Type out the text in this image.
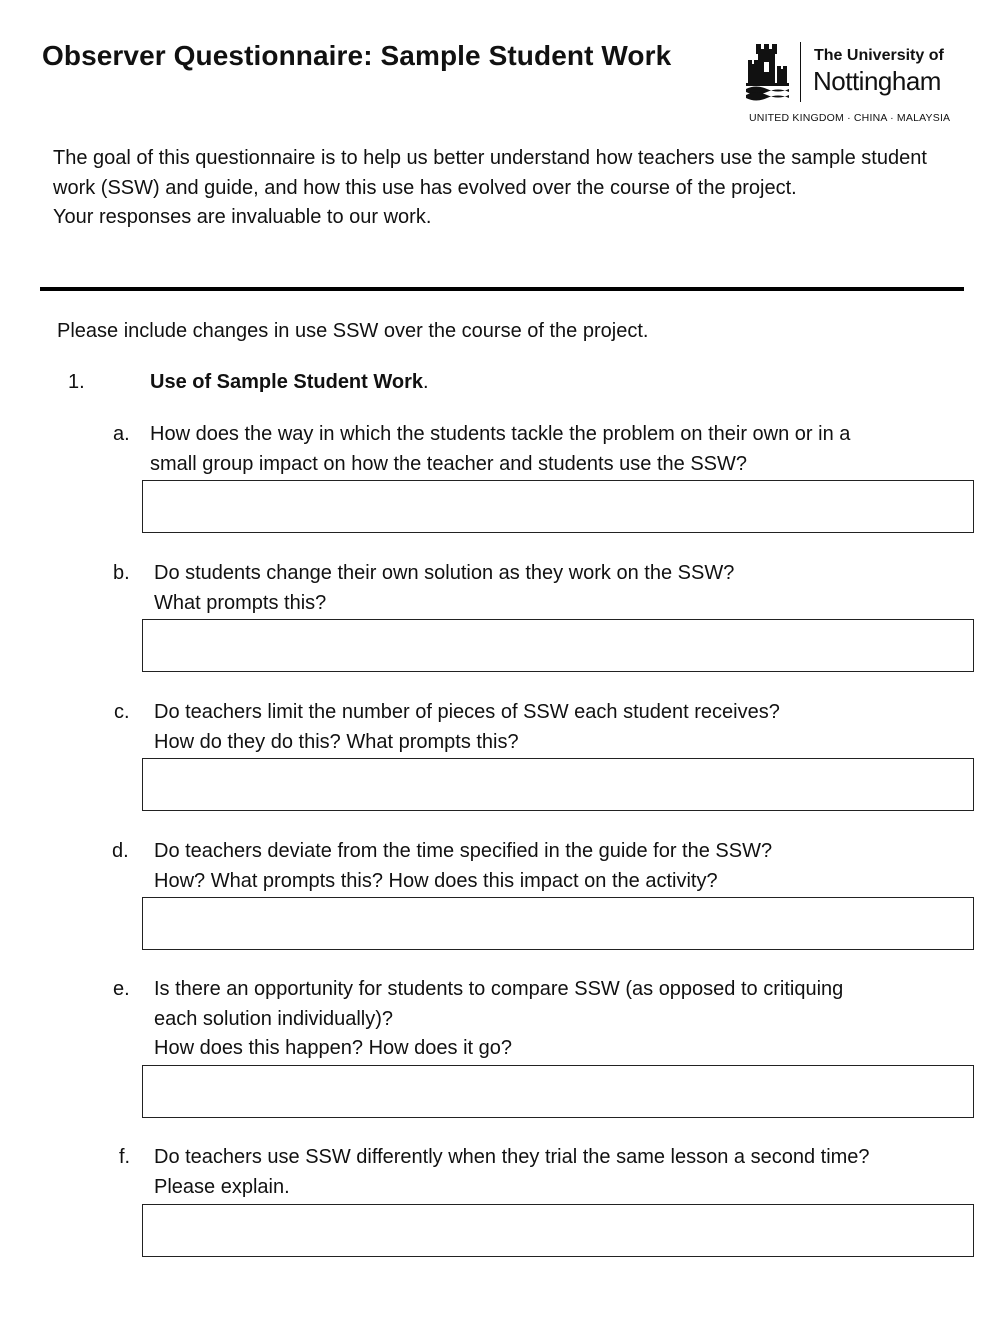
Observer Questionnaire: Sample Student Work	The University of
Nottingham
UNITED KINGDOM · CHINA · MALAYSIA

The goal of this questionnaire is to help us better understand how teachers use the sample student work (SSW) and guide, and how this use has evolved over the course of the project.

Your responses are invaluable to our work.

Please include changes in use SSW over the course of the project.
1.	Use of Sample Student Work.
a. How does the way in which the students tackle the problem on their own or in a
small group impact on how the teacher and students use the SSW?
b. Do students change their own solution as they work on the SSW?
What prompts this?
c. Do teachers limit the number of pieces of SSW each student receives?
How do they do this? What prompts this?
d. Do teachers deviate from the time specified in the guide for the SSW?
How? What prompts this? How does this impact on the activity?
e. Is there an opportunity for students to compare SSW (as opposed to critiquing
each solution individually)?
How does this happen? How does it go?
f. Do teachers use SSW differently when they trial the same lesson a second time?
Please explain.
